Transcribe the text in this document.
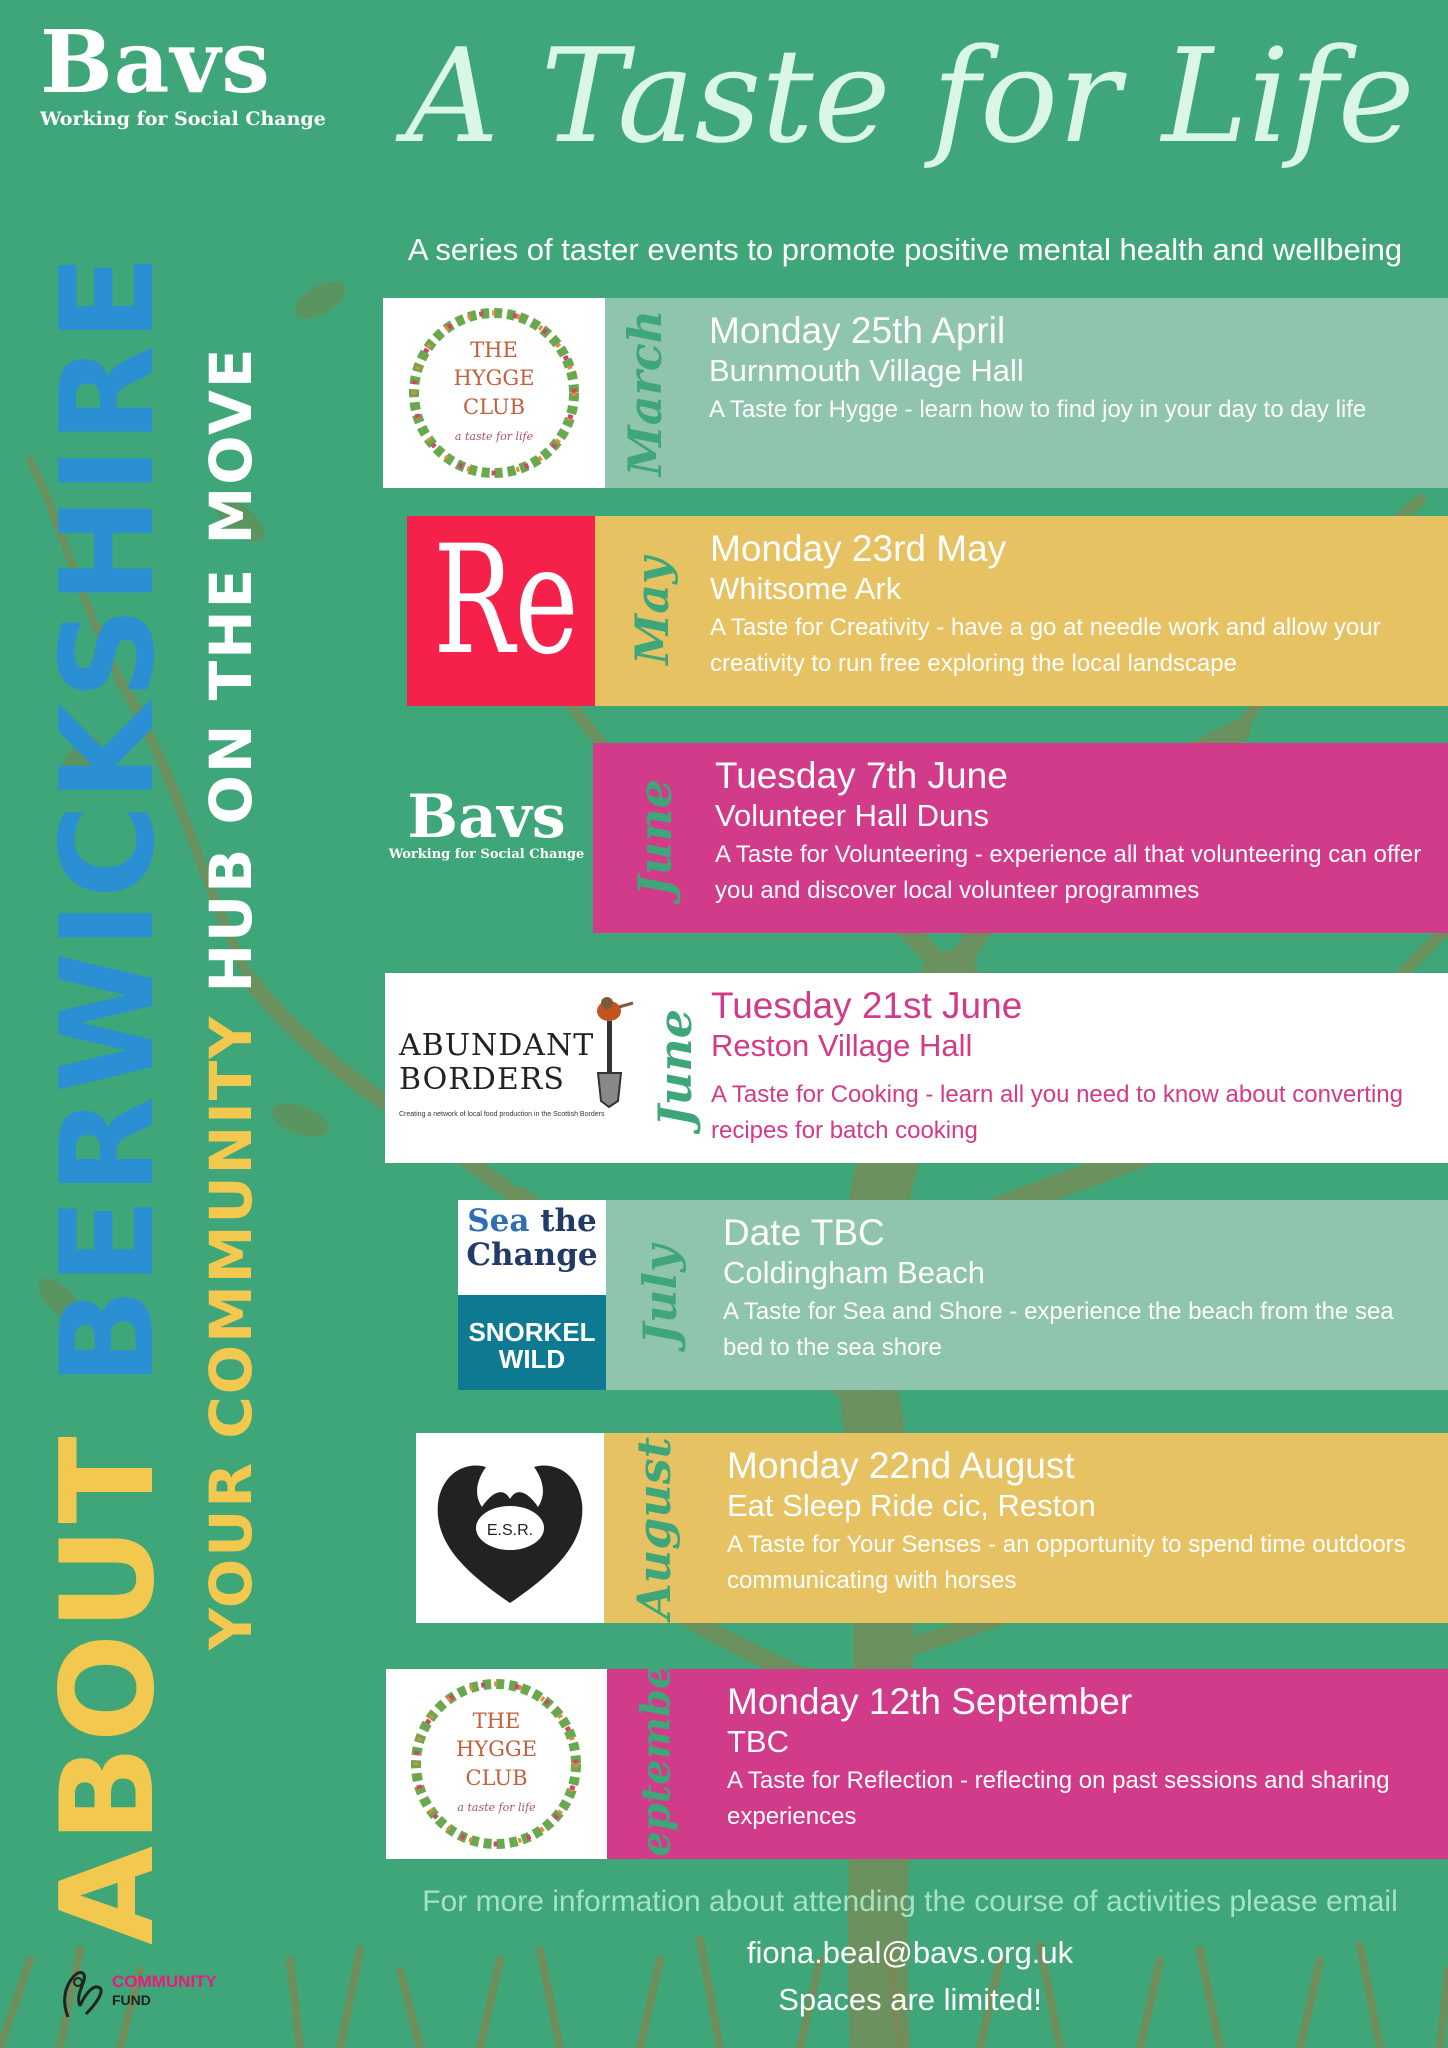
Bavs
Working for Social Change
ABOUT BERWICKSHIRE
YOUR COMMUNITY HUB ON THE MOVE
A Taste for Life
A series of taster events to promote positive mental health and wellbeing
THE
HYGGE
CLUB
a taste for life	March Monday 25th April
Burnmouth Village Hall
A Taste for Hygge - learn how to find joy in your day to day life
Re May
Monday 23rd May
Whitsome Ark
A Taste for Creativity - have a go at needle work and allow your creativity to run free exploring the local landscape
Bavs
Working for Social Change June
Tuesday 7th June
Volunteer Hall Duns
A Taste for Volunteering - experience all that volunteering can offer you and discover local volunteer programmes
ABUNDANT
BORDERS
Creating a network of local food production in the Scottish Borders June
Tuesday 21st June
Reston Village Hall
A Taste for Cooking - learn all you need to know about converting recipes for batch cooking
Sea the
Change
SNORKEL
WILD
July
Date TBC
Coldingham Beach
A Taste for Sea and Shore - experience the beach from the sea bed to the sea shore
E.S.R. August Monday 22nd August
Eat Sleep Ride cic, Reston
A Taste for Your Senses - an opportunity to spend time outdoors communicating with horses
THE
HYGGE
CLUB
a taste for life	September Monday 12th September
TBC
A Taste for Reflection - reflecting on past sessions and sharing experiences
For more information about attending the course of activities please email
fiona.beal@bavs.org.uk
Spaces are limited!
COMMUNITY
FUND
